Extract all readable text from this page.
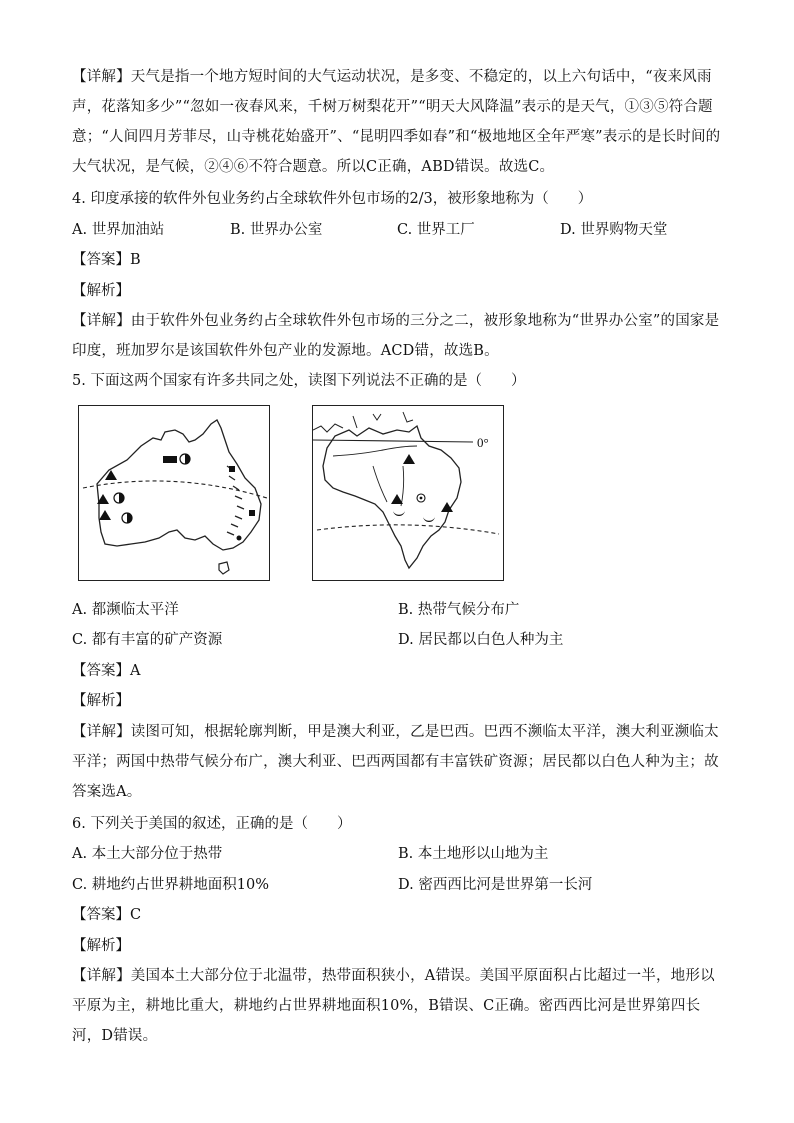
【详解】天气是指一个地方短时间的大气运动状况，是多变、不稳定的，以上六句话中，“夜来风雨声，花落知多少”“忽如一夜春风来，千树万树梨花开”“明天大风降温”表示的是天气，①③⑤符合题意；“人间四月芳菲尽，山寺桃花始盛开”、“昆明四季如春”和“极地地区全年严寒”表示的是长时间的大气状况，是气候，②④⑥不符合题意。所以C正确，ABD错误。故选C。

4. 印度承接的软件外包业务约占全球软件外包市场的2/3，被形象地称为（　　）
A. 世界加油站	B. 世界办公室	C. 世界工厂	D. 世界购物天堂
【答案】B
【解析】

【详解】由于软件外包业务约占全球软件外包市场的三分之二，被形象地称为“世界办公室”的国家是印度，班加罗尔是该国软件外包产业的发源地。ACD错，故选B。

5. 下面这两个国家有许多共同之处，读图下列说法不正确的是（　　）
0°
A. 都濒临太平洋	B. 热带气候分布广
C. 都有丰富的矿产资源	D. 居民都以白色人种为主
【答案】A
【解析】

【详解】读图可知，根据轮廓判断，甲是澳大利亚，乙是巴西。巴西不濒临太平洋，澳大利亚濒临太平洋；两国中热带气候分布广，澳大利亚、巴西两国都有丰富铁矿资源；居民都以白色人种为主；故答案选A。

6. 下列关于美国的叙述，正确的是（　　）
A. 本土大部分位于热带	B. 本土地形以山地为主
C. 耕地约占世界耕地面积10%	D. 密西西比河是世界第一长河
【答案】C
【解析】

【详解】美国本土大部分位于北温带，热带面积狭小，A错误。美国平原面积占比超过一半，地形以平原为主，耕地比重大，耕地约占世界耕地面积10%，B错误、C正确。密西西比河是世界第四长河，D错误。
